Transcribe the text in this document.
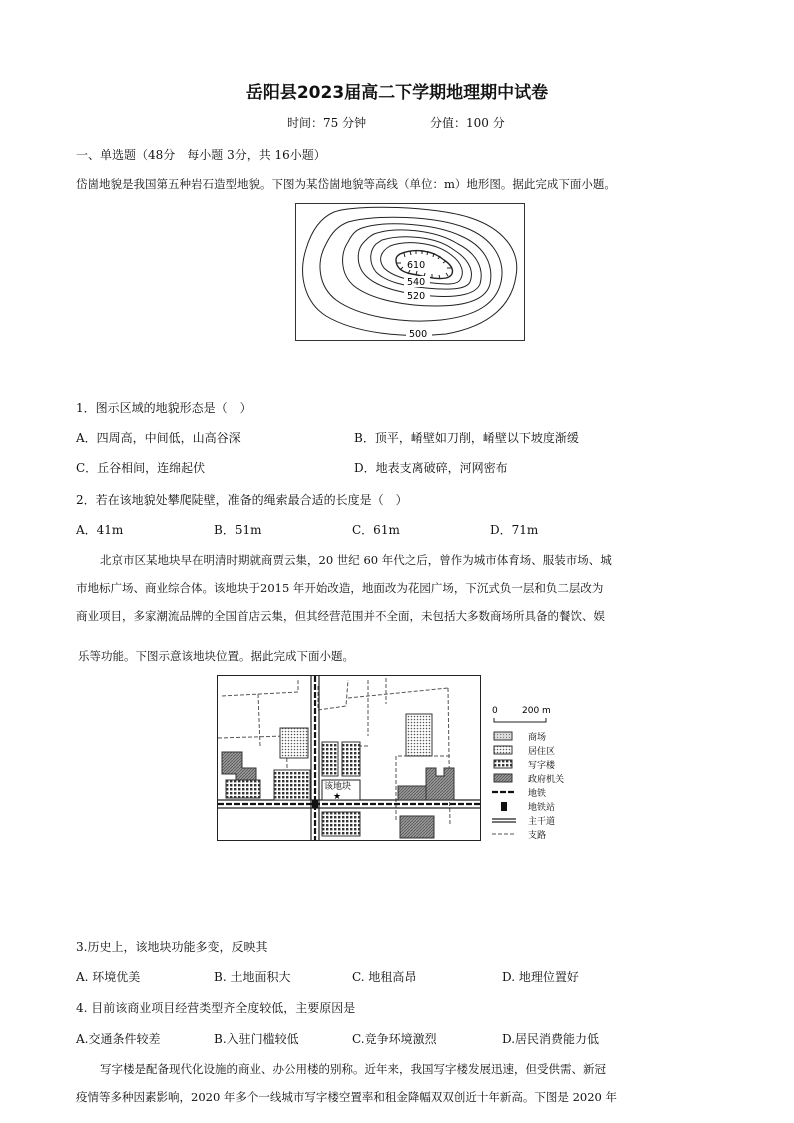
岳阳县2023届高二下学期地理期中试卷
时间：75 分钟	分值：100 分
一、单选题（48分　每小题 3分，共 16小题）
岱崮地貌是我国第五种岩石造型地貌。下图为某岱崮地貌等高线（单位：m）地形图。据此完成下面小题。
610
540
520
500
1．图示区域的地貌形态是（　）
A．四周高，中间低，山高谷深	B．顶平，崤壁如刀削，崤壁以下坡度渐缓
C．丘谷相间，连绵起伏	D．地表支离破碎，河网密布
2．若在该地貌处攀爬陡壁，准备的绳索最合适的长度是（　）
A．41m	B．51m	C．61m	D．71m
北京市区某地块早在明清时期就商贾云集，20 世纪 60 年代之后，曾作为城市体育场、服装市场、城
市地标广场、商业综合体。该地块于2015 年开始改造，地面改为花园广场，下沉式负一层和负二层改为
商业项目，多家潮流品牌的全国首店云集，但其经营范围并不全面，未包括大多数商场所具备的餐饮、娱
乐等功能。下图示意该地块位置。据此完成下面小题。
该地块
★
0	200 m
商场
居住区
写字楼
政府机关
地铁
地铁站
主干道
支路
3.历史上，该地块功能多变，反映其
A. 环境优美	B. 土地面积大	C. 地租高昂	D. 地理位置好
4. 目前该商业项目经营类型齐全度较低，主要原因是
A.交通条件较差	B.入驻门槛较低	C.竞争环境激烈	D.居民消费能力低
写字楼是配备现代化设施的商业、办公用楼的别称。近年来，我国写字楼发展迅速，但受供需、新冠
疫情等多种因素影响，2020 年多个一线城市写字楼空置率和租金降幅双双创近十年新高。下图是 2020 年
